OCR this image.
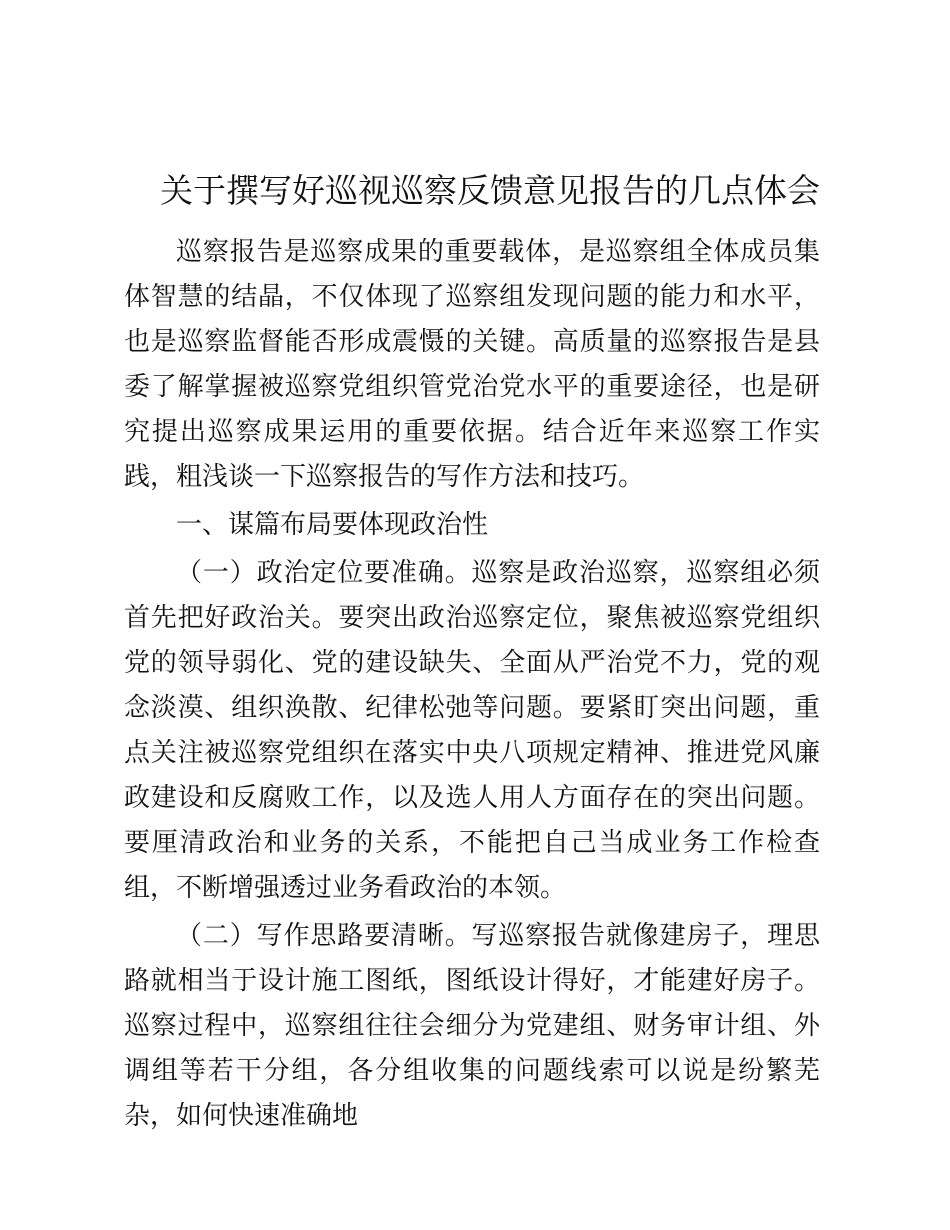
关于撰写好巡视巡察反馈意见报告的几点体会

巡察报告是巡察成果的重要载体，是巡察组全体成员集体智慧的结晶，不仅体现了巡察组发现问题的能力和水平，也是巡察监督能否形成震慑的关键。高质量的巡察报告是县委了解掌握被巡察党组织管党治党水平的重要途径，也是研究提出巡察成果运用的重要依据。结合近年来巡察工作实践，粗浅谈一下巡察报告的写作方法和技巧。

一、谋篇布局要体现政治性

（一）政治定位要准确。巡察是政治巡察，巡察组必须首先把好政治关。要突出政治巡察定位，聚焦被巡察党组织党的领导弱化、党的建设缺失、全面从严治党不力，党的观念淡漠、组织涣散、纪律松弛等问题。要紧盯突出问题，重点关注被巡察党组织在落实中央八项规定精神、推进党风廉政建设和反腐败工作，以及选人用人方面存在的突出问题。要厘清政治和业务的关系，不能把自己当成业务工作检查组，不断增强透过业务看政治的本领。

（二）写作思路要清晰。写巡察报告就像建房子，理思路就相当于设计施工图纸，图纸设计得好，才能建好房子。巡察过程中，巡察组往往会细分为党建组、财务审计组、外调组等若干分组，各分组收集的问题线索可以说是纷繁芜杂，如何快速准确地
